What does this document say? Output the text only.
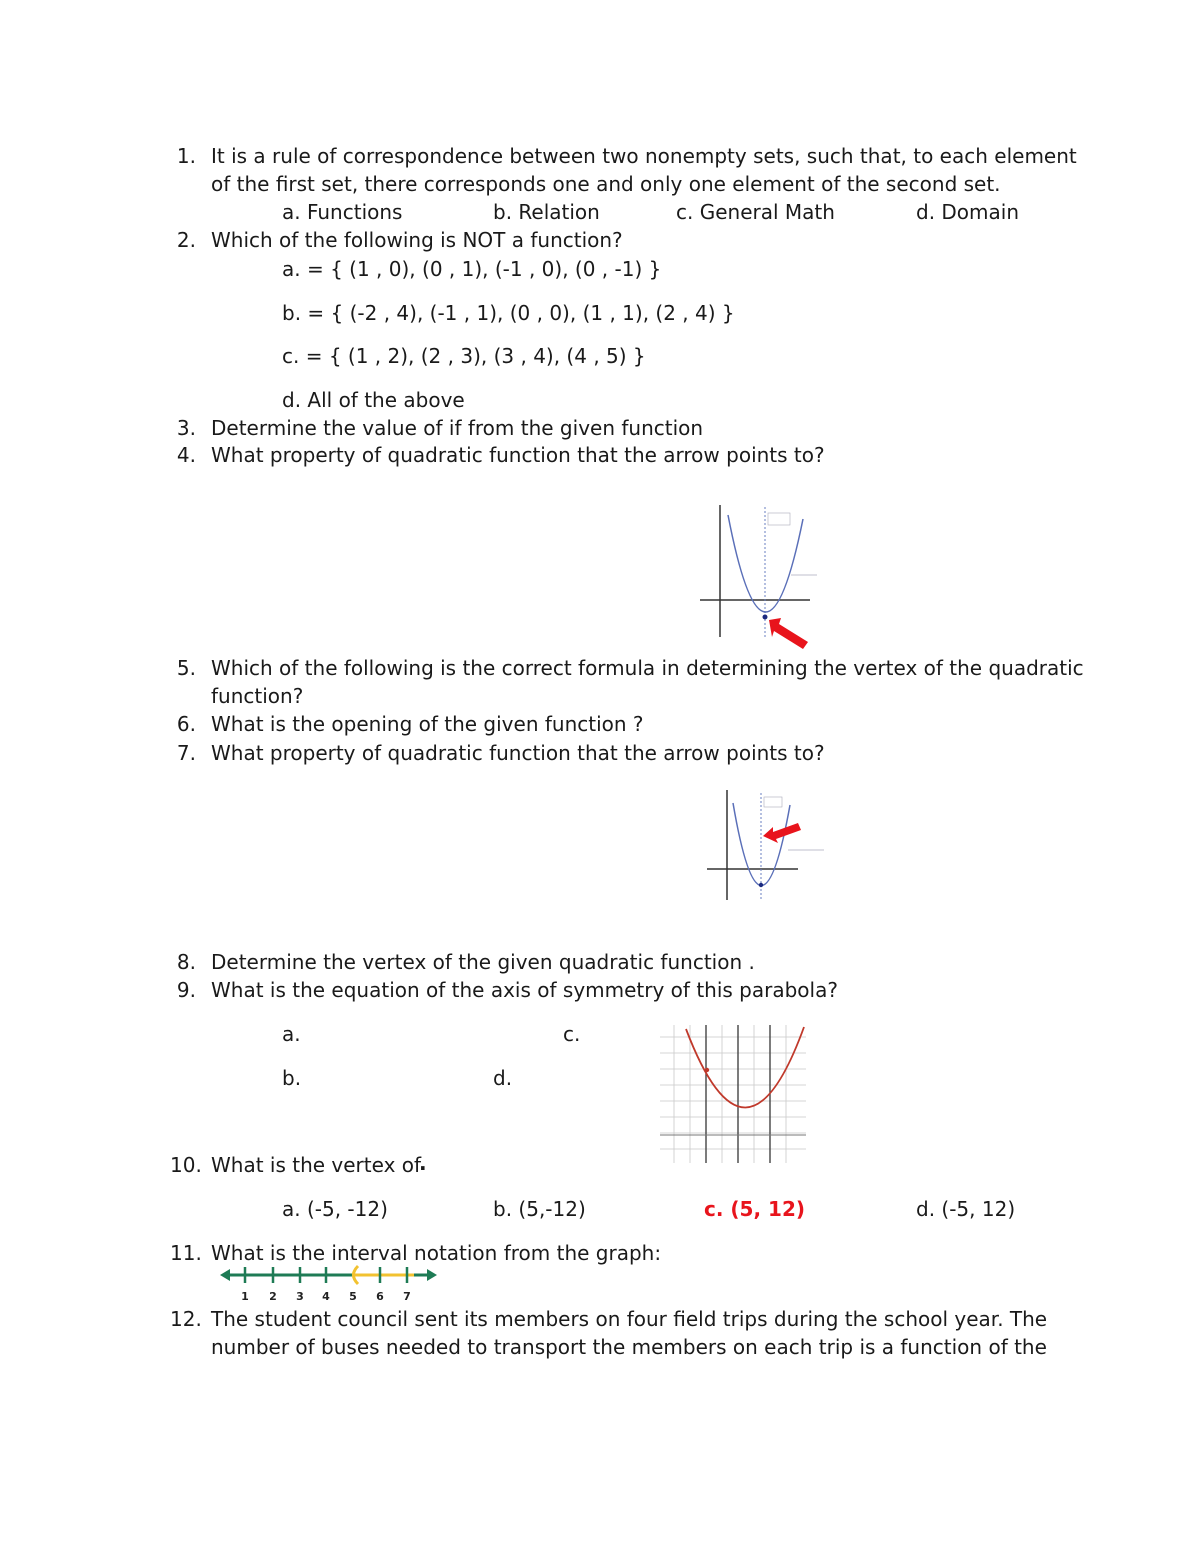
1. It is a rule of correspondence between two nonempty sets, such that, to each element
of the first set, there corresponds one and only one element of the second set.
a. Functions	b. Relation	c. General Math	d. Domain
2. Which of the following is NOT a function?
a. = { (1 , 0), (0 , 1), (-1 , 0), (0 , -1) }
b. = { (-2 , 4), (-1 , 1), (0 , 0), (1 , 1), (2 , 4) }
c. = { (1 , 2), (2 , 3), (3 , 4), (4 , 5) }
d. All of the above
3. Determine the value of if from the given function
4. What property of quadratic function that the arrow points to?
5. Which of the following is the correct formula in determining the vertex of the quadratic
function?
6. What is the opening of the given function ?
7. What property of quadratic function that the arrow points to?
8. Determine the vertex of the given quadratic function .
9. What is the equation of the axis of symmetry of this parabola?
a.	c.
b.	d.
10. What is the vertex of
.
a. (-5, -12)	b. (5,-12)	c. (5, 12)	d. (-5, 12)
11. What is the interval notation from the graph:
1 2 3 4 5 6 7
12. The student council sent its members on four field trips during the school year. The
number of buses needed to transport the members on each trip is a function of the
